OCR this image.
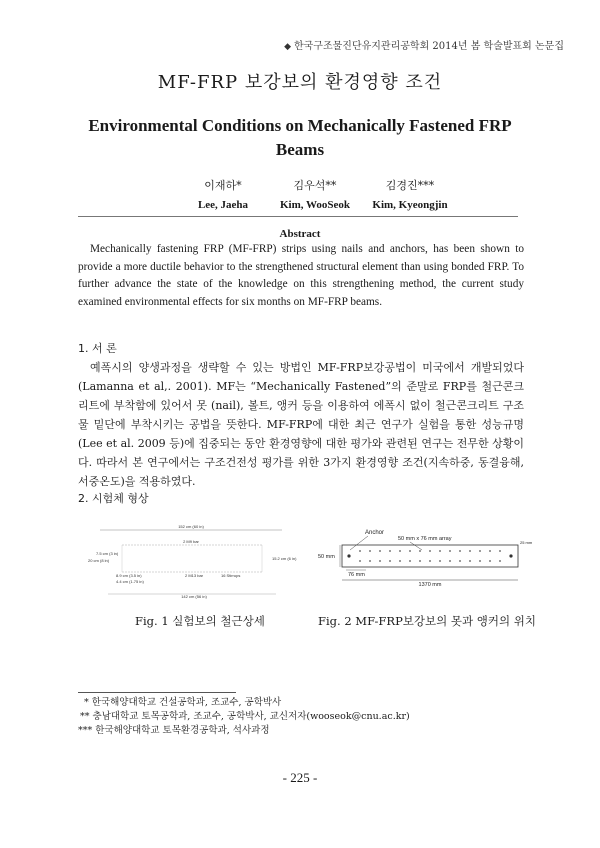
◆ 한국구조물진단유지관리공학회 2014년 봄 학술발표회 논문집
MF-FRP 보강보의 환경영향 조건
Environmental Conditions on Mechanically Fastened FRP
Beams
이재하*
Lee, Jaeha
김우석**
Kim, WooSeok
김경진***
Kim, Kyeongjin
Abstract
Mechanically fastening FRP (MF-FRP) strips using nails and anchors, has been shown to provide a more ductile behavior to the strengthened structural element than using bonded FRP. To further advance the state of the knowledge on this strengthening method, the current study examined environmental effects for six months on MF-FRP beams.
1. 서 론
예폭시의 양생과정을 생략할 수 있는 방법인 MF-FRP보강공법이 미국에서 개발되었다(Lamanna et al,. 2001). MF는 “Mechanically Fastened”의 준말로 FRP를 철근콘크리트에 부착함에 있어서 못 (nail), 볼트, 앵커 등을 이용하여 에폭시 없이 철근콘크리트 구조물 밑단에 부착시키는 공법을 뜻한다. MF-FRP에 대한 최근 연구가 실험을 통한 성능규명(Lee et al. 2009 등)에 집중되는 동안 환경영향에 대한 평가와 관련된 연구는 전무한 상황이다. 따라서 본 연구에서는 구조건전성 평가를 위한 3가지 환경영향 조건(지속하중, 동결융해, 서중온도)을 적용하였다.
2. 시험체 형상
152 cm (60 in)
2 M9 bar
7.5 cm (3 in)
20 cm (8 in)	15.2 cm (6 in)
8.9 cm (3.5 in)	2 M13 bar	16 Stirrups
4.4 cm (1.75 in)
142 cm (56 in)
Fig. 1 실험보의 철근상세
Anchor
50 mm x 76 mm array
50 mm
25 mm
76 mm
1370 mm
Fig. 2 MF-FRP보강보의 못과 앵커의 위치
* 한국해양대학교 건설공학과, 조교수, 공학박사
** 충남대학교 토목공학과, 조교수, 공학박사, 교신저자(wooseok@cnu.ac.kr)
*** 한국해양대학교 토목환경공학과, 석사과정
- 225 -
